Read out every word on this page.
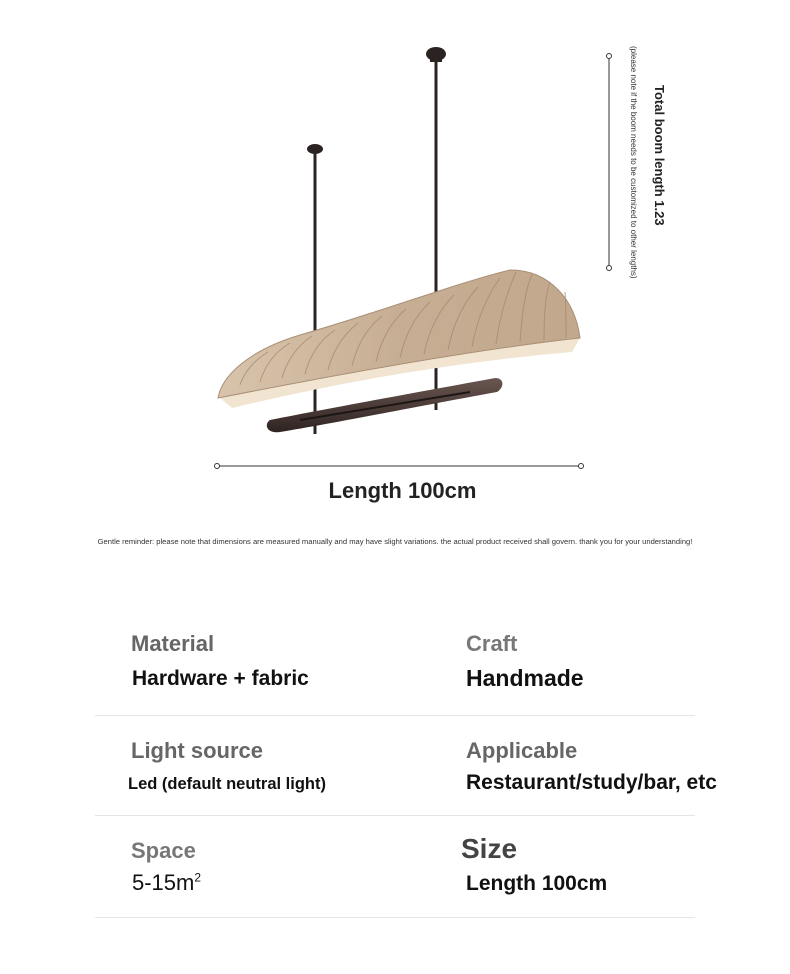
Total boom length 1.23
(please note if the boom needs to be customized to other lengths)
Length 100cm
Gentle reminder: please note that dimensions are measured manually and may have slight variations. the actual product received shall govern. thank you for your understanding!
Material
Hardware + fabric
Craft
Handmade
Light source
Led (default neutral light)
Applicable
Restaurant/study/bar, etc
Space
$5-15m^2$
Size
Length 100cm
